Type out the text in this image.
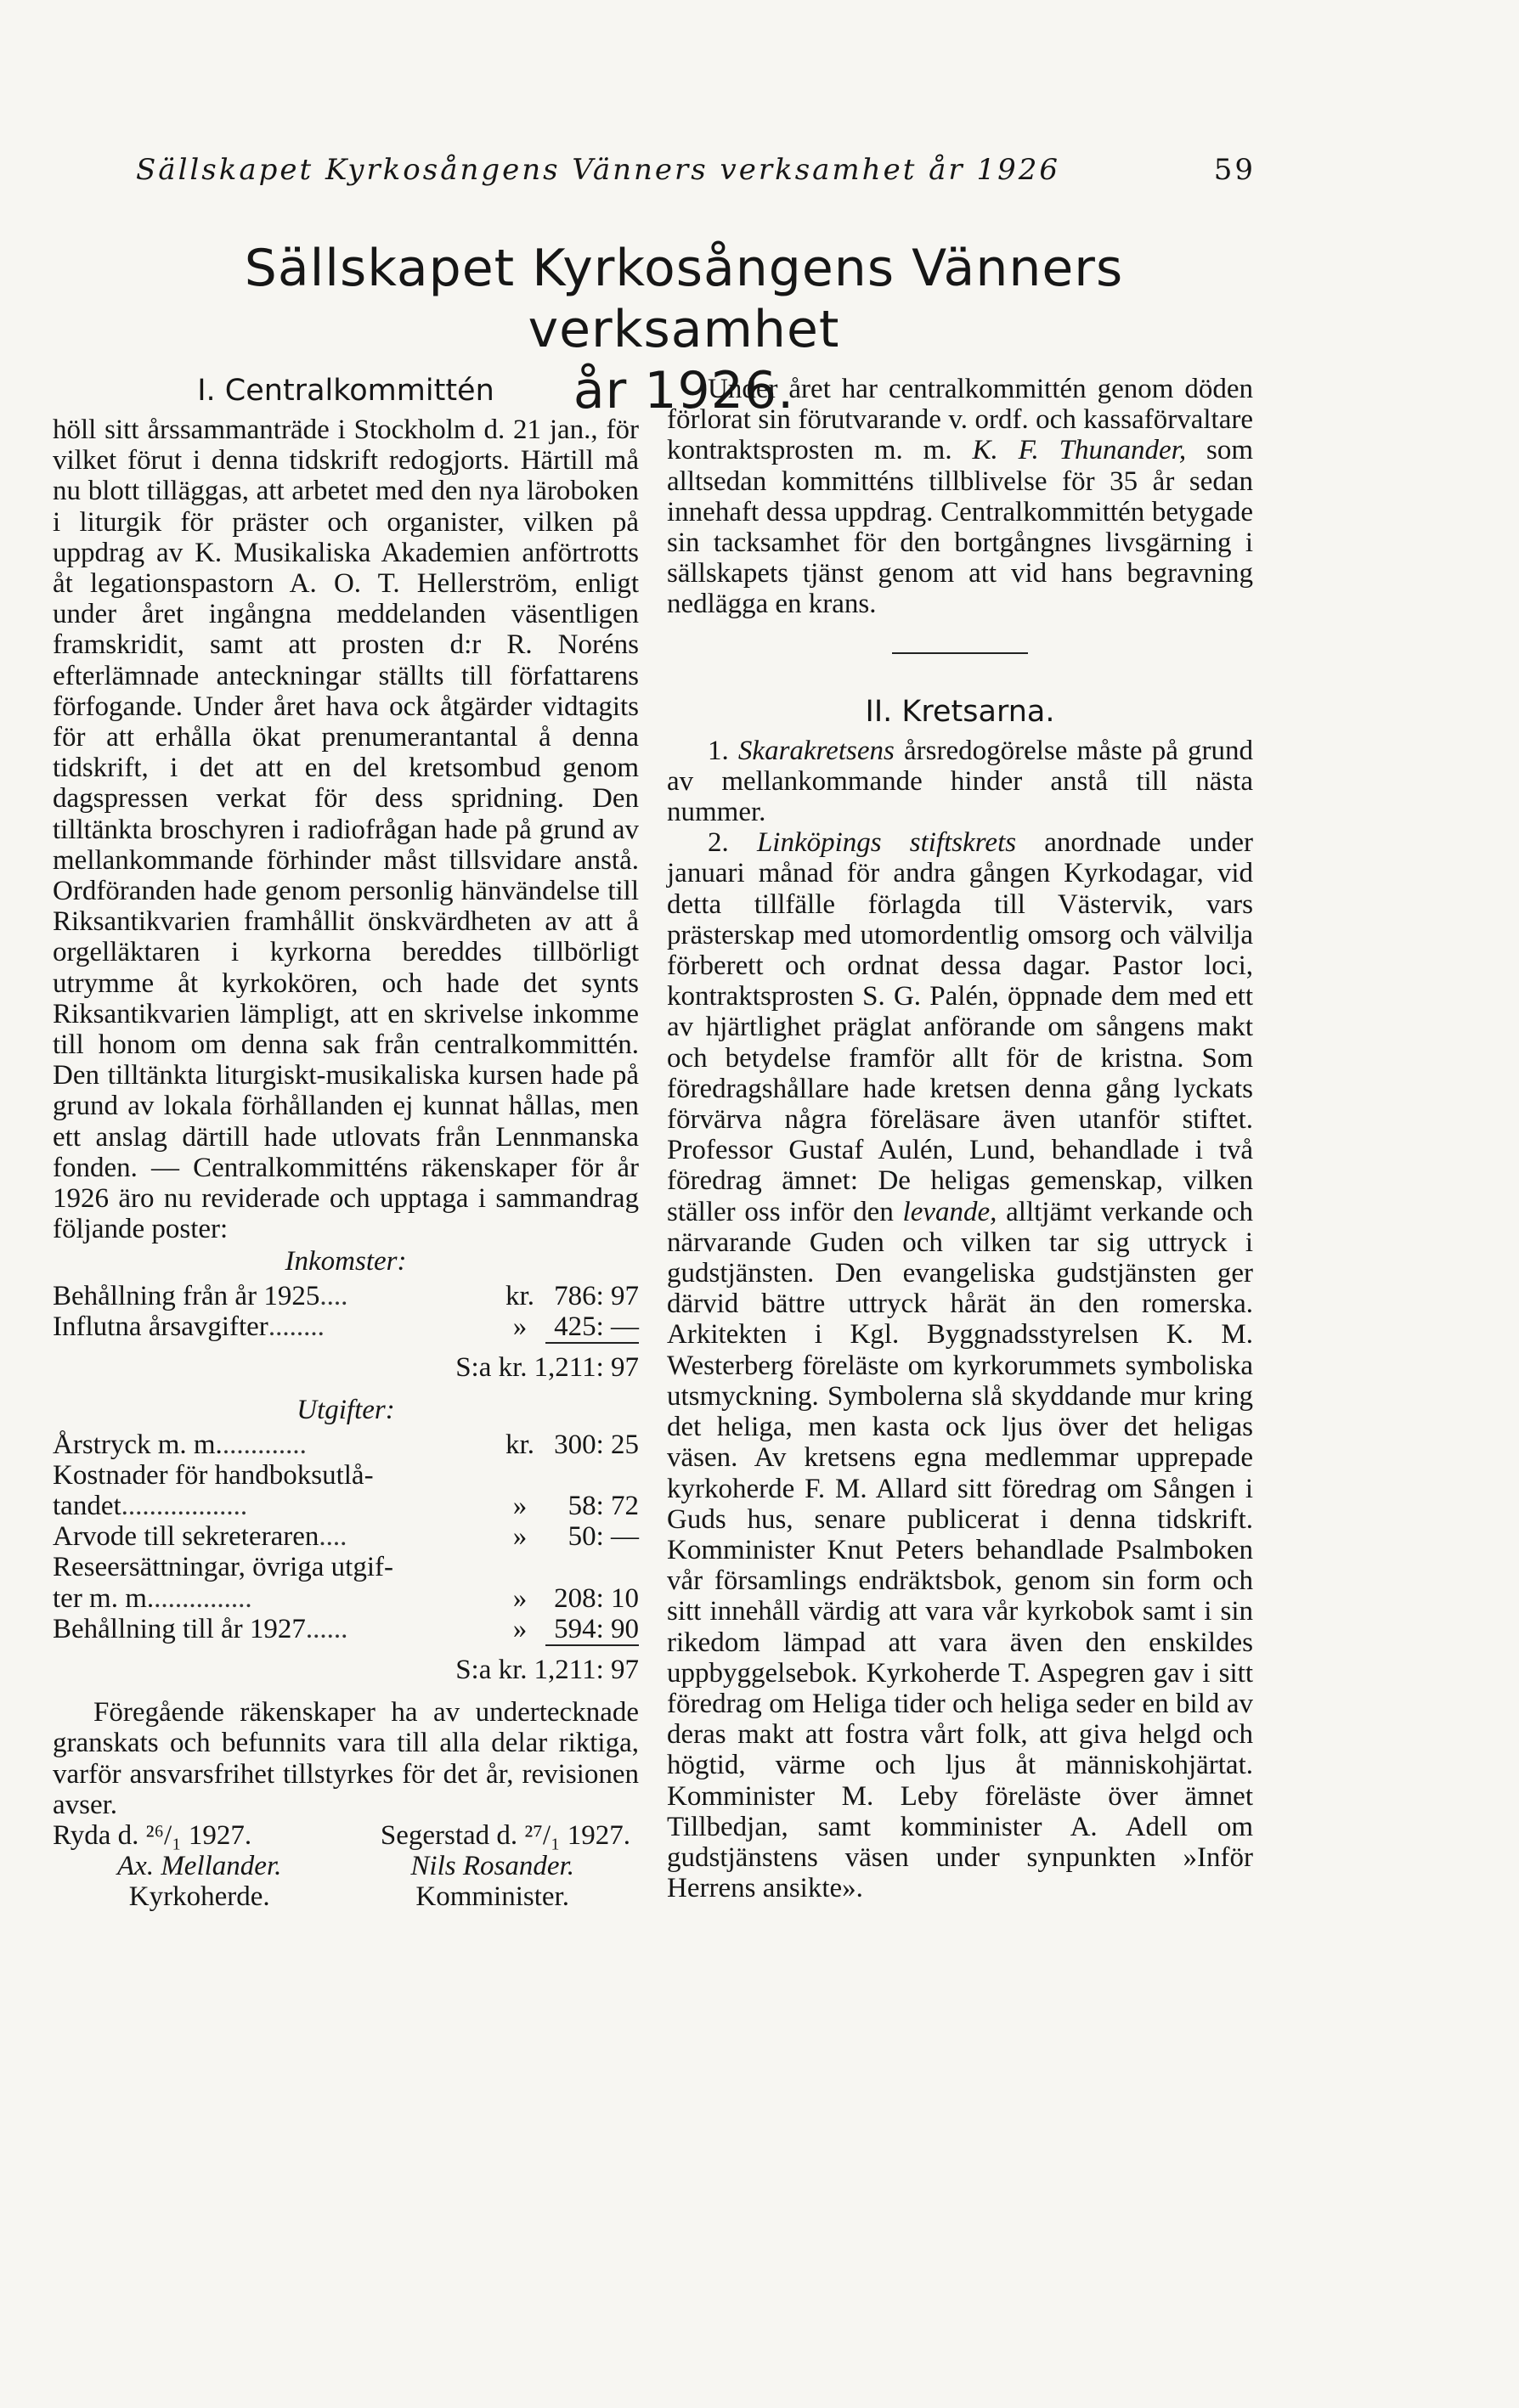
Sällskapet Kyrkosångens Vänners verksamhet år 1926	59
Sällskapet Kyrkosångens Vänners verksamhet
år 1926.
I. Centralkommittén

höll sitt årssammanträde i Stockholm d. 21 jan., för vilket förut i denna tidskrift redogjorts. Härtill må nu blott tilläggas, att arbetet med den nya läroboken i liturgik för präster och organister, vilken på uppdrag av K. Musikaliska Akademien anförtrotts åt legationspastorn A. O. T. Hellerström, enligt under året ingångna meddelanden väsentligen framskridit, samt att prosten d:r R. Noréns efterlämnade anteckningar ställts till författarens förfogande. Under året hava ock åtgärder vidtagits för att erhålla ökat prenumerantantal å denna tidskrift, i det att en del kretsombud genom dagspressen verkat för dess spridning. Den tilltänkta broschyren i radiofrågan hade på grund av mellankommande förhinder måst tillsvidare anstå. Ordföranden hade genom personlig hänvändelse till Riksantikvarien framhållit önskvärdheten av att å orgelläktaren i kyrkorna bereddes tillbörligt utrymme åt kyrkokören, och hade det synts Riksantikvarien lämpligt, att en skrivelse inkomme till honom om denna sak från centralkommittén. Den tilltänkta liturgiskt-musikaliska kursen hade på grund av lokala förhållanden ej kunnat hållas, men ett anslag därtill hade utlovats från Lennmanska fonden. — Centralkommitténs räkenskaper för år 1926 äro nu reviderade och upptaga i sammandrag följande poster:

Inkomster:
Behållning från år 1925 ....	kr. 786: 97
Influtna årsavgifter ........	» 425: —
S:a kr. 1,211: 97
Utgifter:
Årstryck m. m. ............	kr. 300: 25
Kostnader för handboksutlå-
tandet ..................	»	58: 72
Arvode till sekreteraren ....	»	50: —
Reseersättningar, övriga utgif-
ter m. m. ..............	» 208: 10
Behållning till år 1927 ......	» 594: 90
S:a kr. 1,211: 97

Föregående räkenskaper ha av undertecknade granskats och befunnits vara till alla delar riktiga, varför ansvarsfrihet tillstyrkes för det år, revisionen avser.

Ryda d. ²⁶/₁ 1927.	Segerstad d. ²⁷/₁ 1927.
Ax. Mellander.
Kyrkoherde.
Nils Rosander.
Komminister.

Under året har centralkommittén genom döden förlorat sin förutvarande v. ordf. och kassaförvaltare kontraktsprosten m. m. K. F. Thunander, som alltsedan kommitténs tillblivelse för 35 år sedan innehaft dessa uppdrag. Centralkommittén betygade sin tacksamhet för den bortgångnes livsgärning i sällskapets tjänst genom att vid hans begravning nedlägga en krans.

II. Kretsarna.

1. Skarakretsens årsredogörelse måste på grund av mellankommande hinder anstå till nästa nummer.

2. Linköpings stiftskrets anordnade under januari månad för andra gången Kyrkodagar, vid detta tillfälle förlagda till Västervik, vars prästerskap med utomordentlig omsorg och välvilja förberett och ordnat dessa dagar. Pastor loci, kontraktsprosten S. G. Palén, öppnade dem med ett av hjärtlighet präglat anförande om sångens makt och betydelse framför allt för de kristna. Som föredragshållare hade kretsen denna gång lyckats förvärva några föreläsare även utanför stiftet. Professor Gustaf Aulén, Lund, behandlade i två föredrag ämnet: De heligas gemenskap, vilken ställer oss inför den levande, alltjämt verkande och närvarande Guden och vilken tar sig uttryck i gudstjänsten. Den evangeliska gudstjänsten ger därvid bättre uttryck hårät än den romerska. Arkitekten i Kgl. Byggnadsstyrelsen K. M. Westerberg föreläste om kyrkorummets symboliska utsmyckning. Symbolerna slå skyddande mur kring det heliga, men kasta ock ljus över det heligas väsen. Av kretsens egna medlemmar upprepade kyrkoherde F. M. Allard sitt föredrag om Sången i Guds hus, senare publicerat i denna tidskrift. Komminister Knut Peters behandlade Psalmboken vår församlings endräktsbok, genom sin form och sitt innehåll värdig att vara vår kyrkobok samt i sin rikedom lämpad att vara även den enskildes uppbyggelsebok. Kyrkoherde T. Aspegren gav i sitt föredrag om Heliga tider och heliga seder en bild av deras makt att fostra vårt folk, att giva helgd och högtid, värme och ljus åt människohjärtat. Komminister M. Leby föreläste över ämnet Tillbedjan, samt komminister A. Adell om gudstjänstens väsen under synpunkten »Inför Herrens ansikte».
